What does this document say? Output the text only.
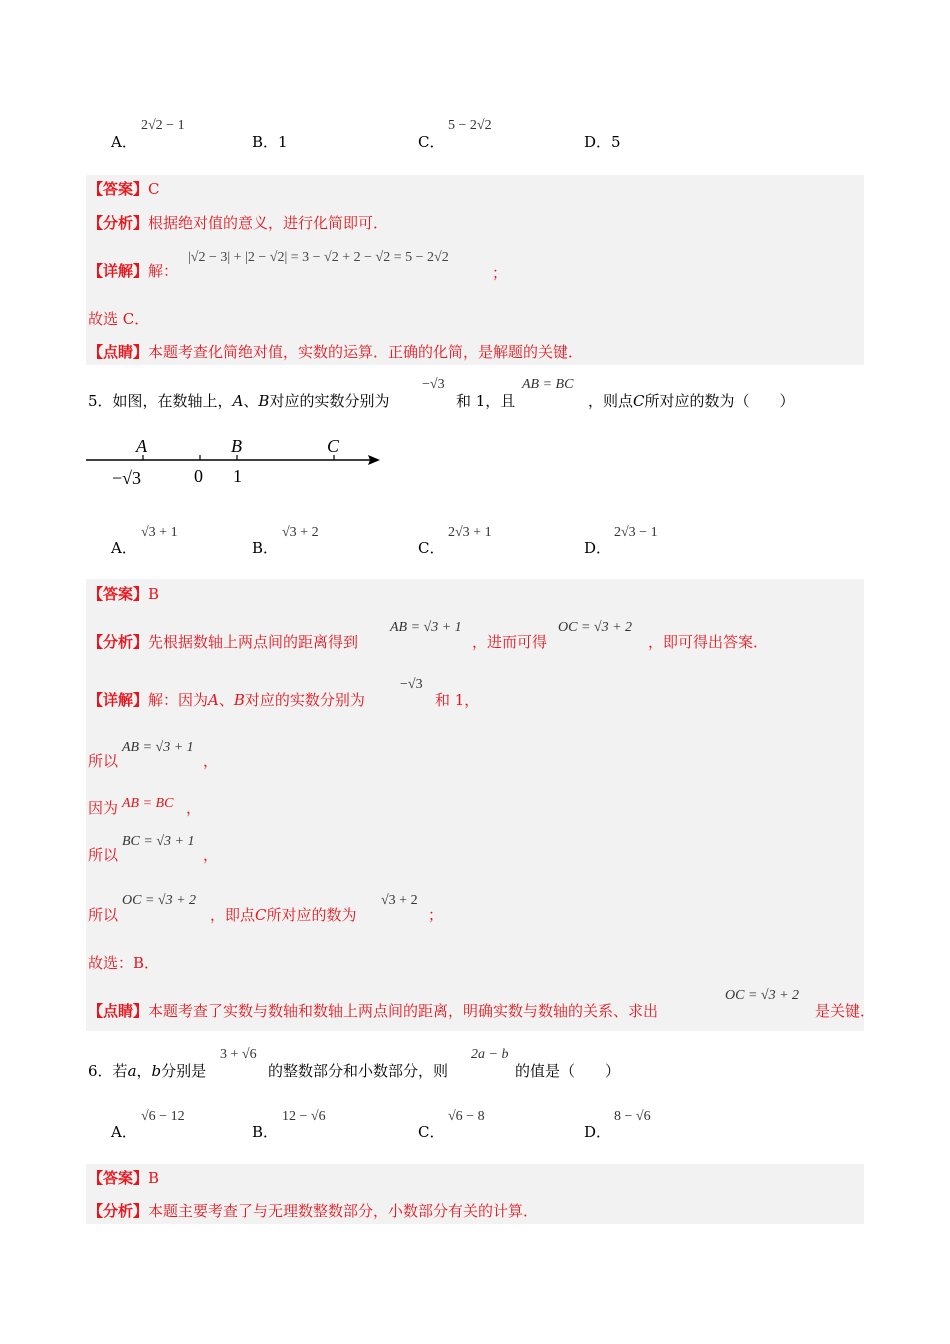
A．
2√2 − 1
B．1	C．
5 − 2√2
D．5
【答案】C
【分析】根据绝对值的意义，进行化简即可．
【详解】解：
|√2 − 3| + |2 − √2| = 3 − √2 + 2 − √2 = 5 − 2√2
；
故选 C．
【点睛】本题考查化简绝对值，实数的运算．正确的化简，是解题的关键．
5．如图，在数轴上，A、B对应的实数分别为
−√3
和 1，且
AB = BC
，则点C所对应的数为（　　）
A	B	C
−√3	0 1
A．
√3 + 1
B．
√3 + 2
C．
2√3 + 1
D．
2√3 − 1
【答案】B
【分析】先根据数轴上两点间的距离得到
AB = √3 + 1
，进而可得
OC = √3 + 2
，即可得出答案．
【详解】解：因为A、B对应的实数分别为
−√3
和 1，
所以
AB = √3 + 1
，
因为 AB = BC ，
所以
BC = √3 + 1
，
所以
OC = √3 + 2
，即点C所对应的数为
√3 + 2
；
故选：B．
【点睛】本题考查了实数与数轴和数轴上两点间的距离，明确实数与数轴的关系、求出
OC = √3 + 2
是关键．
6．若a，b分别是
3 + √6
的整数部分和小数部分，则
2a − b
的值是（　　）
A．
√6 − 12
B．
12 − √6
C．
√6 − 8
D．
8 − √6
【答案】B
【分析】本题主要考查了与无理数整数部分，小数部分有关的计算．
